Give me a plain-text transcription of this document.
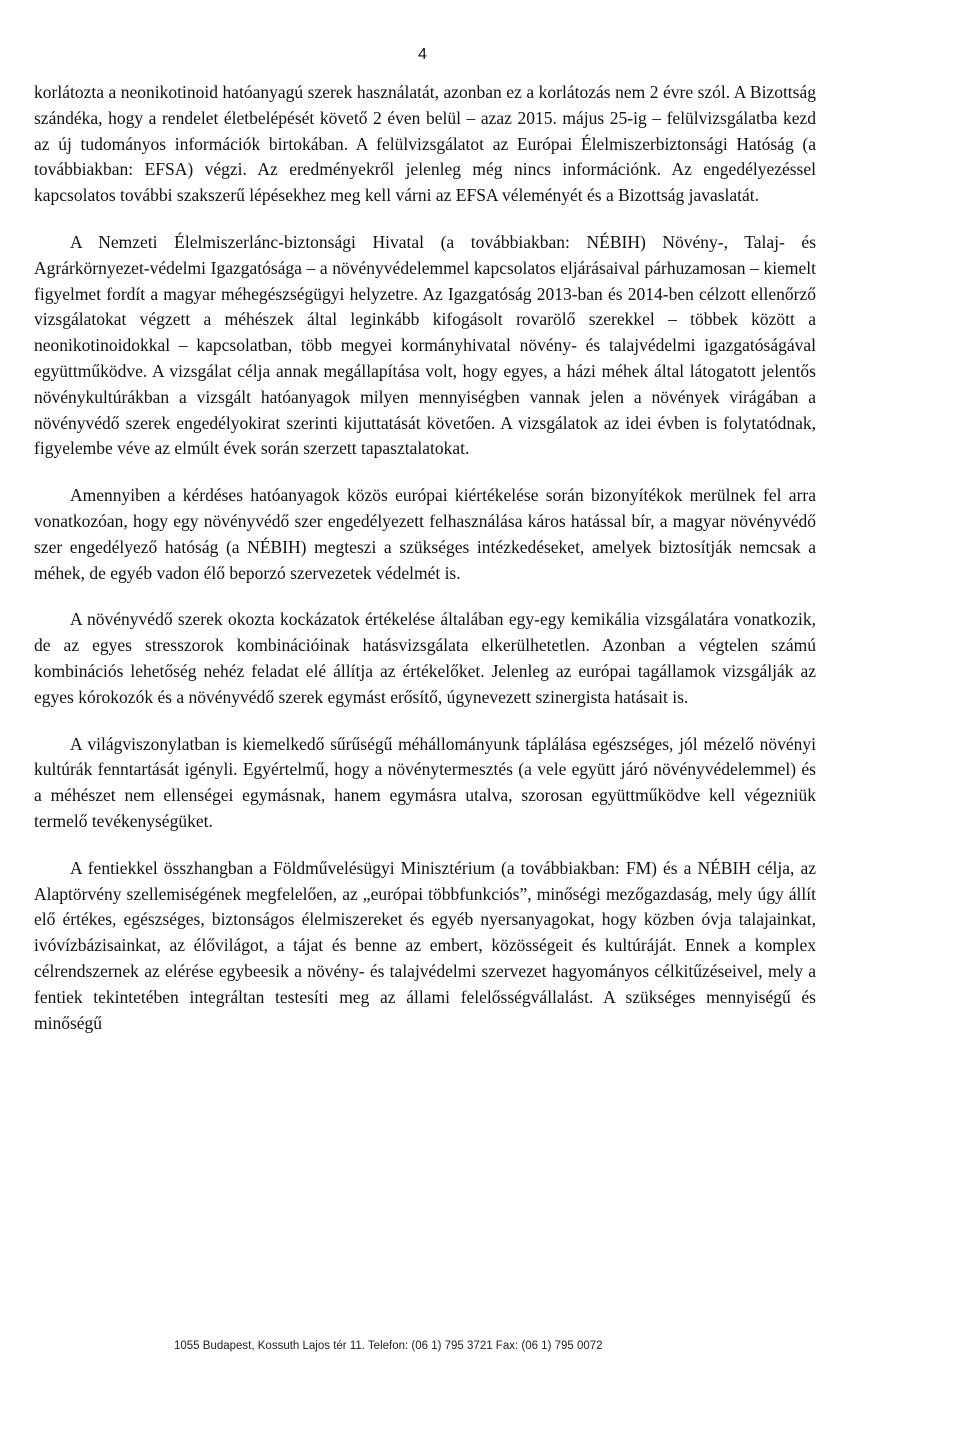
4

korlátozta a neonikotinoid hatóanyagú szerek használatát, azonban ez a korlátozás nem 2 évre szól. A Bizottság szándéka, hogy a rendelet életbelépését követő 2 éven belül – azaz 2015. május 25-ig – felülvizsgálatba kezd az új tudományos információk birtokában. A felülvizsgálatot az Európai Élelmiszerbiztonsági Hatóság (a továbbiakban: EFSA) végzi. Az eredményekről jelenleg még nincs információnk. Az engedélyezéssel kapcsolatos további szakszerű lépésekhez meg kell várni az EFSA véleményét és a Bizottság javaslatát.

A Nemzeti Élelmiszerlánc-biztonsági Hivatal (a továbbiakban: NÉBIH) Növény-, Talaj- és Agrárkörnyezet-védelmi Igazgatósága – a növényvédelemmel kapcsolatos eljárásaival párhuzamosan – kiemelt figyelmet fordít a magyar méhegészségügyi helyzetre. Az Igazgatóság 2013-ban és 2014-ben célzott ellenőrző vizsgálatokat végzett a méhészek által leginkább kifogásolt rovarölő szerekkel – többek között a neonikotinoidokkal – kapcsolatban, több megyei kormányhivatal növény- és talajvédelmi igazgatóságával együttműködve. A vizsgálat célja annak megállapítása volt, hogy egyes, a házi méhek által látogatott jelentős növénykultúrákban a vizsgált hatóanyagok milyen mennyiségben vannak jelen a növények virágában a növényvédő szerek engedélyokirat szerinti kijuttatását követően. A vizsgálatok az idei évben is folytatódnak, figyelembe véve az elmúlt évek során szerzett tapasztalatokat.

Amennyiben a kérdéses hatóanyagok közös európai kiértékelése során bizonyítékok merülnek fel arra vonatkozóan, hogy egy növényvédő szer engedélyezett felhasználása káros hatással bír, a magyar növényvédő szer engedélyező hatóság (a NÉBIH) megteszi a szükséges intézkedéseket, amelyek biztosítják nemcsak a méhek, de egyéb vadon élő beporzó szervezetek védelmét is.

A növényvédő szerek okozta kockázatok értékelése általában egy-egy kemikália vizsgálatára vonatkozik, de az egyes stresszorok kombinációinak hatásvizsgálata elkerülhetetlen. Azonban a végtelen számú kombinációs lehetőség nehéz feladat elé állítja az értékelőket. Jelenleg az európai tagállamok vizsgálják az egyes kórokozók és a növényvédő szerek egymást erősítő, úgynevezett szinergista hatásait is.

A világviszonylatban is kiemelkedő sűrűségű méhállományunk táplálása egészséges, jól mézelő növényi kultúrák fenntartását igényli. Egyértelmű, hogy a növénytermesztés (a vele együtt járó növényvédelemmel) és a méhészet nem ellenségei egymásnak, hanem egymásra utalva, szorosan együttműködve kell végezniük termelő tevékenységüket.

A fentiekkel összhangban a Földművelésügyi Minisztérium (a továbbiakban: FM) és a NÉBIH célja, az Alaptörvény szellemiségének megfelelően, az „európai többfunkciós”, minőségi mezőgazdaság, mely úgy állít elő értékes, egészséges, biztonságos élelmiszereket és egyéb nyersanyagokat, hogy közben óvja talajainkat, ivóvízbázisainkat, az élővilágot, a tájat és benne az embert, közösségeit és kultúráját. Ennek a komplex célrendszernek az elérése egybeesik a növény- és talajvédelmi szervezet hagyományos célkitűzéseivel, mely a fentiek tekintetében integráltan testesíti meg az állami felelősségvállalást. A szükséges mennyiségű és minőségű

1055 Budapest, Kossuth Lajos tér 11. Telefon: (06 1) 795 3721 Fax: (06 1) 795 0072
